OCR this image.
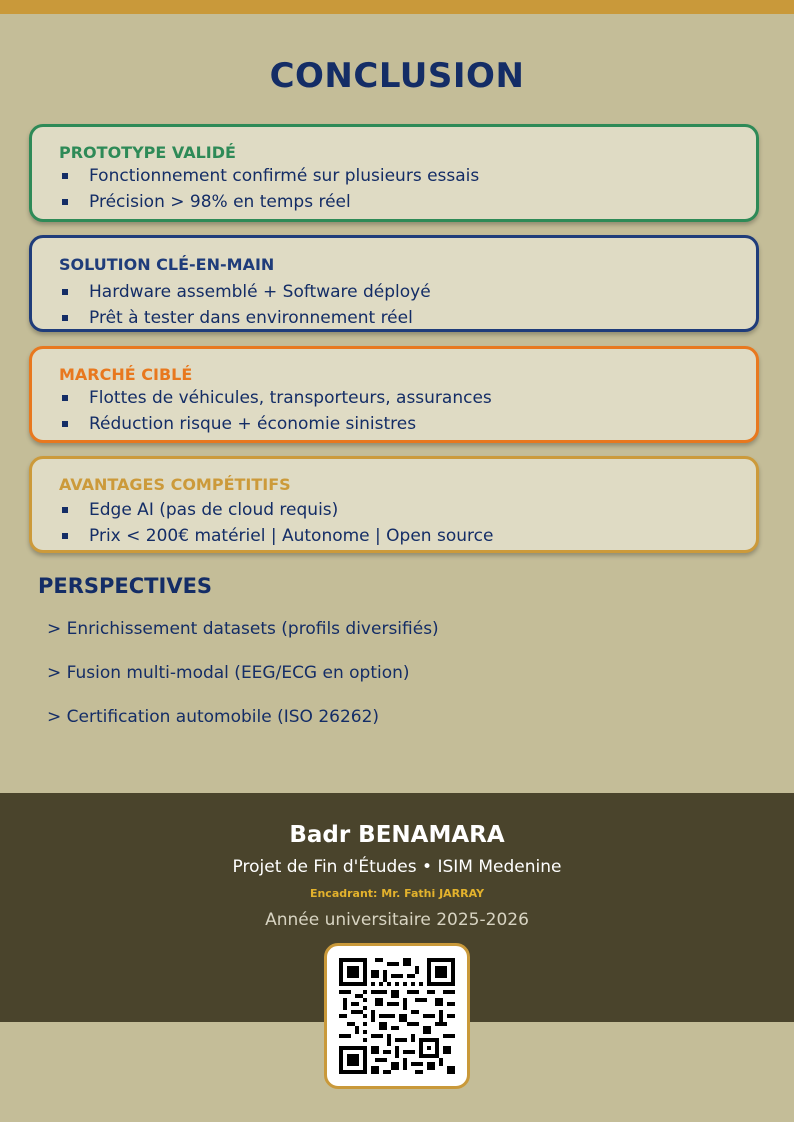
CONCLUSION
PROTOTYPE VALIDÉ
Fonctionnement confirmé sur plusieurs essais
Précision > 98% en temps réel
SOLUTION CLÉ-EN-MAIN
Hardware assemblé + Software déployé
Prêt à tester dans environnement réel
MARCHÉ CIBLÉ
Flottes de véhicules, transporteurs, assurances
Réduction risque + économie sinistres
AVANTAGES COMPÉTITIFS
Edge AI (pas de cloud requis)
Prix < 200€ matériel | Autonome | Open source
PERSPECTIVES
> Enrichissement datasets (profils diversifiés)
> Fusion multi-modal (EEG/ECG en option)
> Certification automobile (ISO 26262)
Badr BENAMARA
Projet de Fin d'Études • ISIM Medenine
Encadrant: Mr. Fathi JARRAY
Année universitaire 2025-2026
